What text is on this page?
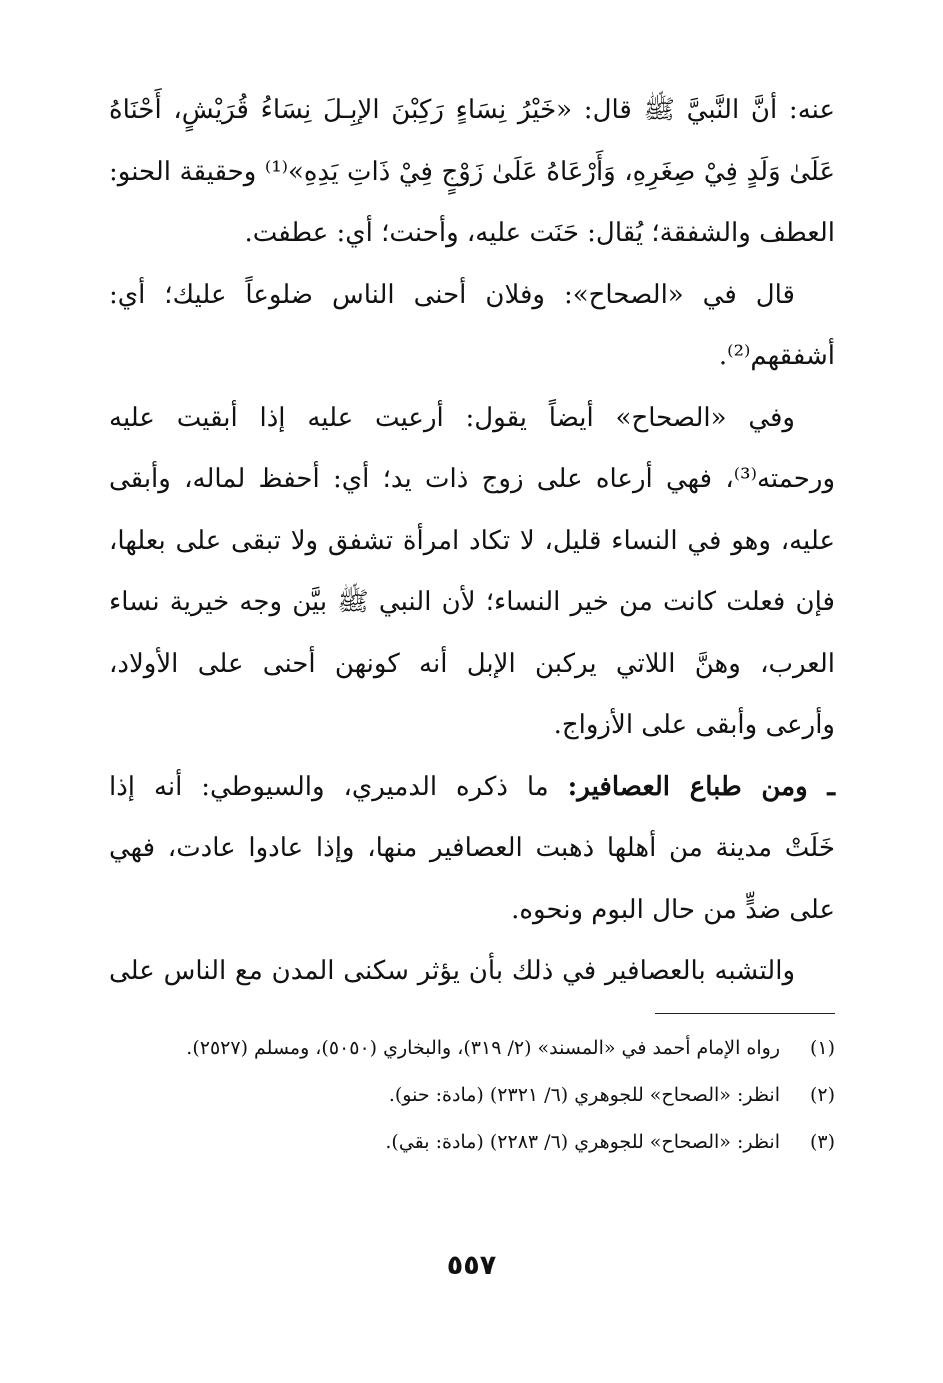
عنه: أنَّ النَّبيَّ ﷺ قال: «خَيْرُ نِسَاءٍ رَكِبْنَ الإبِـلَ نِسَاءُ قُرَيْشٍ، أَحْنَاهُ
عَلَىٰ وَلَدٍ فِيْ صِغَرِهِ، وَأَرْعَاهُ عَلَىٰ زَوْجٍ فِيْ ذَاتِ يَدِهِ»⁽¹⁾ وحقيقة الحنو:
العطف والشفقة؛ يُقال: حَنَت عليه، وأحنت؛ أي: عطفت.

قال في «الصحاح»: وفلان أحنى الناس ضلوعاً عليك؛ أي:
أشفقهم⁽²⁾.

وفي «الصحاح» أيضاً يقول: أرعيت عليه إذا أبقيت عليه
ورحمته⁽³⁾، فهي أرعاه على زوج ذات يد؛ أي: أحفظ لماله، وأبقى
عليه، وهو في النساء قليل، لا تكاد امرأة تشفق ولا تبقى على بعلها،
فإن فعلت كانت من خير النساء؛ لأن النبي ﷺ بيَّن وجه خيرية نساء
العرب، وهنَّ اللاتي يركبن الإبل أنه كونهن أحنى على الأولاد،
وأرعى وأبقى على الأزواج.

ـ ومن طباع العصافير: ما ذكره الدميري، والسيوطي: أنه إذا
خَلَتْ مدينة من أهلها ذهبت العصافير منها، وإذا عادوا عادت، فهي
على ضدٍّ من حال البوم ونحوه.

والتشبه بالعصافير في ذلك بأن يؤثر سكنى المدن مع الناس على

(١)
رواه الإمام أحمد في «المسند» (٢/ ٣١٩)، والبخاري (٥٠٥٠)، ومسلم (٢٥٢٧).
(٢)
انظر: «الصحاح» للجوهري (٦/ ٢٣٢١) (مادة: حنو).
(٣)
انظر: «الصحاح» للجوهري (٦/ ٢٢٨٣) (مادة: بقي).
٥٥٧
